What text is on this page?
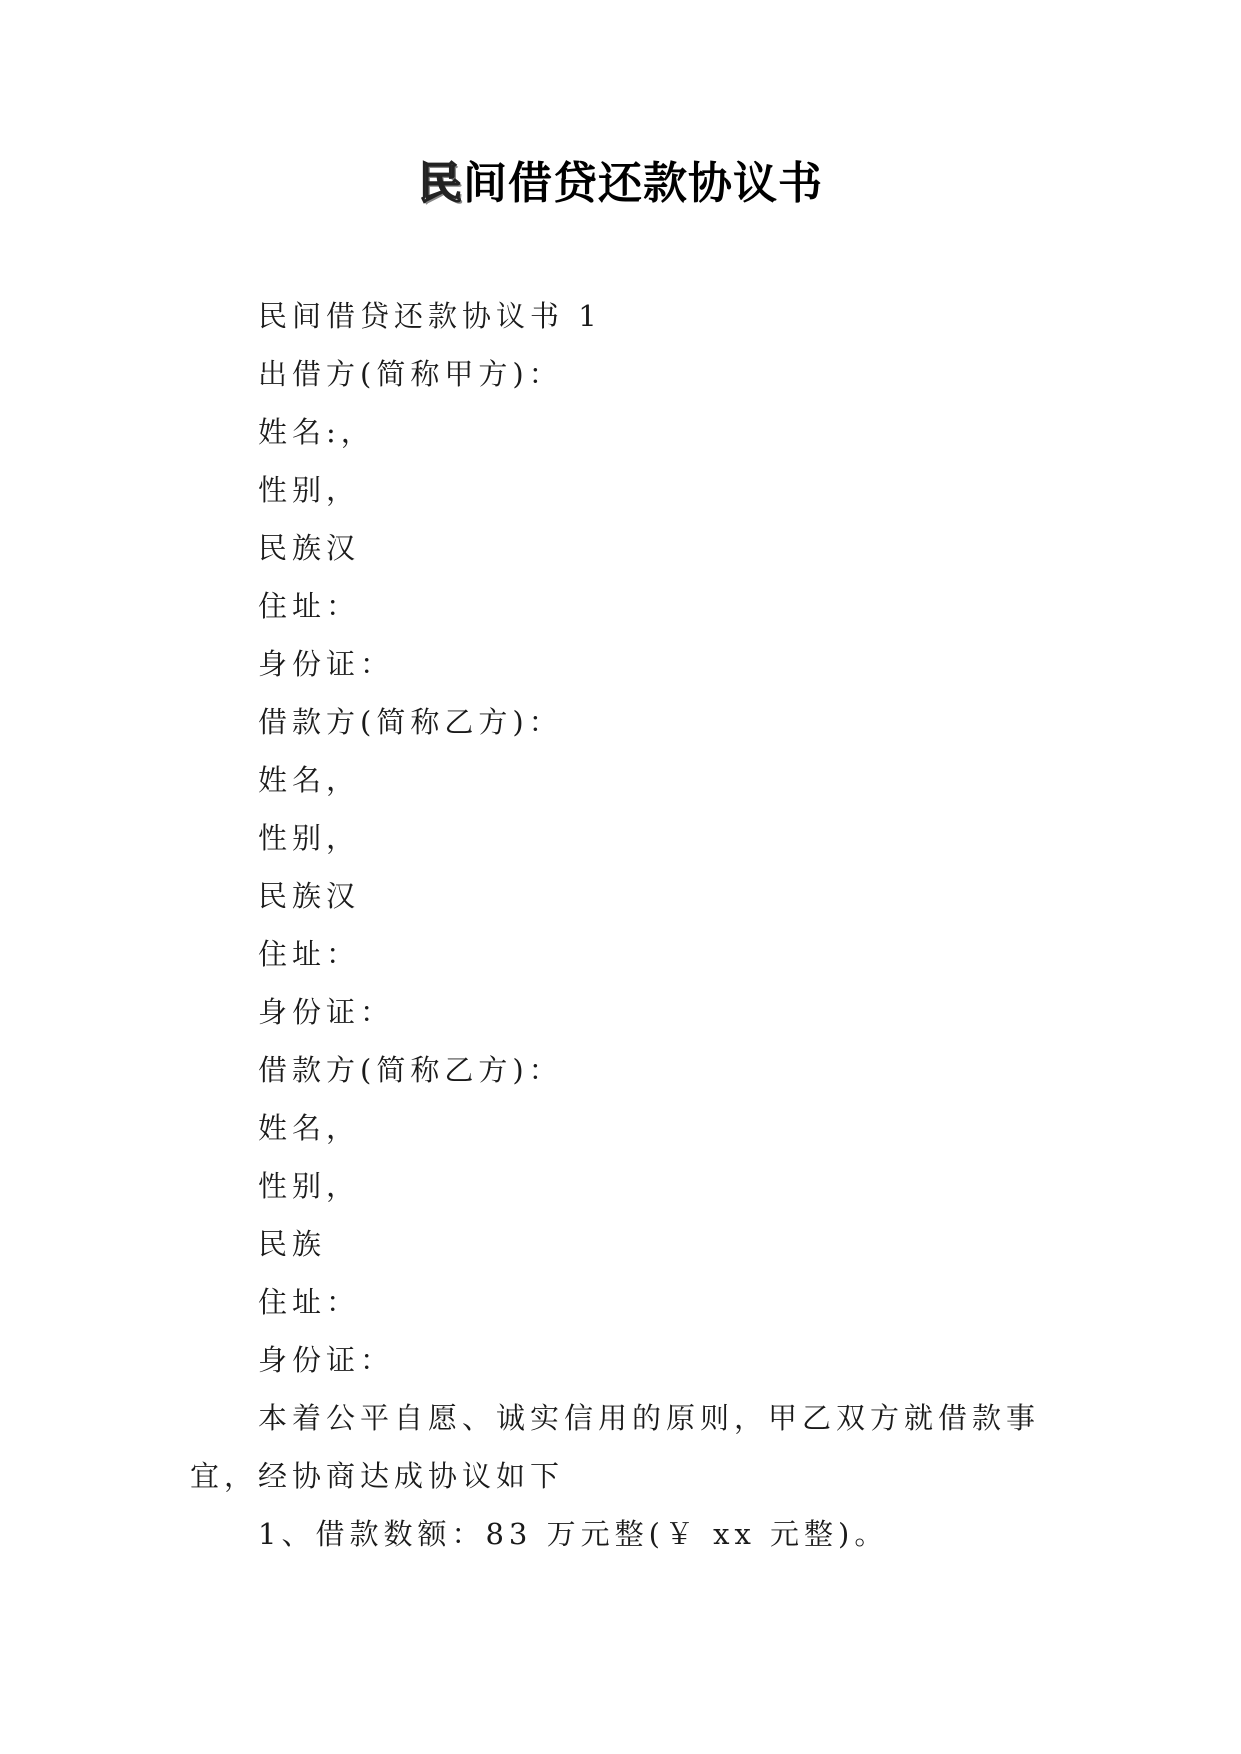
民间借贷还款协议书
民间借贷还款协议书 1
出借方(简称甲方)：
姓名:，
性别，
民族汉
住址：
身份证：
借款方(简称乙方)：
姓名，
性别，
民族汉
住址：
身份证：
借款方(简称乙方)：
姓名，
性别，
民族
住址：
身份证：
本着公平自愿、诚实信用的原则，甲乙双方就借款事宜，经协商达成协议如下
1、借款数额：83 万元整(￥ xx 元整)。
